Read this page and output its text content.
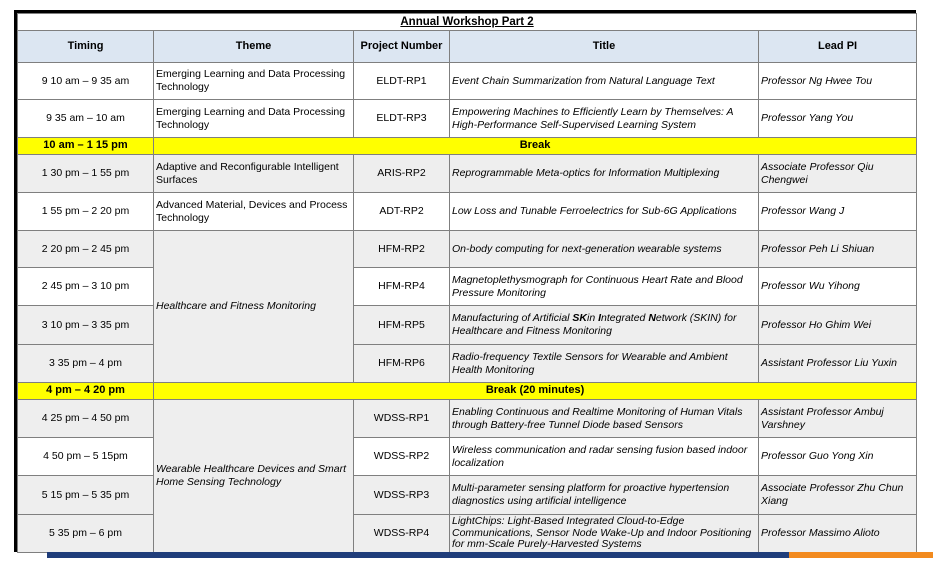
Annual Workshop Part 2				
Timing	Theme	Project Number	Title	Lead PI
9 10 am – 9 35 am	Emerging Learning and Data Processing Technology	ELDT-RP1	Event Chain Summarization from Natural Language Text	Professor Ng Hwee Tou
9 35 am – 10 am	Emerging Learning and Data Processing Technology	ELDT-RP3	Empowering Machines to Efficiently Learn by Themselves: A High-Performance Self-Supervised Learning System	Professor Yang You
10 am – 1 15 pm	Break			
1 30 pm – 1 55 pm	Adaptive and Reconfigurable Intelligent Surfaces	ARIS-RP2	Reprogrammable Meta-optics for Information Multiplexing	Associate Professor Qiu Chengwei
1 55 pm – 2 20 pm	Advanced Material, Devices and Process Technology	ADT-RP2	Low Loss and Tunable Ferroelectrics for Sub-6G Applications	Professor Wang J
2 20 pm – 2 45 pm	Healthcare and Fitness Monitoring	HFM-RP2	On-body computing for next-generation wearable systems	Professor Peh Li Shiuan
2 45 pm – 3 10 pm		HFM-RP4	Magnetoplethysmograph for Continuous Heart Rate and Blood Pressure Monitoring	Professor Wu Yihong
3 10 pm – 3 35 pm		HFM-RP5	Manufacturing of Artificial SKin Integrated Network (SKIN) for Healthcare and Fitness Monitoring	Professor Ho Ghim Wei
3 35 pm – 4 pm		HFM-RP6	Radio-frequency Textile Sensors for Wearable and Ambient Health Monitoring	Assistant Professor Liu Yuxin
4 pm – 4 20 pm	Break (20 minutes)			
4 25 pm – 4 50 pm	Wearable Healthcare Devices and Smart Home Sensing Technology	WDSS-RP1	Enabling Continuous and Realtime Monitoring of Human Vitals through Battery-free Tunnel Diode based Sensors	Assistant Professor Ambuj Varshney
4 50 pm – 5 15pm		WDSS-RP2	Wireless communication and radar sensing fusion based indoor localization	Professor Guo Yong Xin
5 15 pm – 5 35 pm		WDSS-RP3	Multi-parameter sensing platform for proactive hypertension diagnostics using artificial intelligence	Associate Professor Zhu Chun Xiang
5 35 pm – 6 pm		WDSS-RP4	LightChips: Light-Based Integrated Cloud-to-Edge Communications, Sensor Node Wake-Up and Indoor Positioning for mm-Scale Purely-Harvested Systems	Professor Massimo Alioto
